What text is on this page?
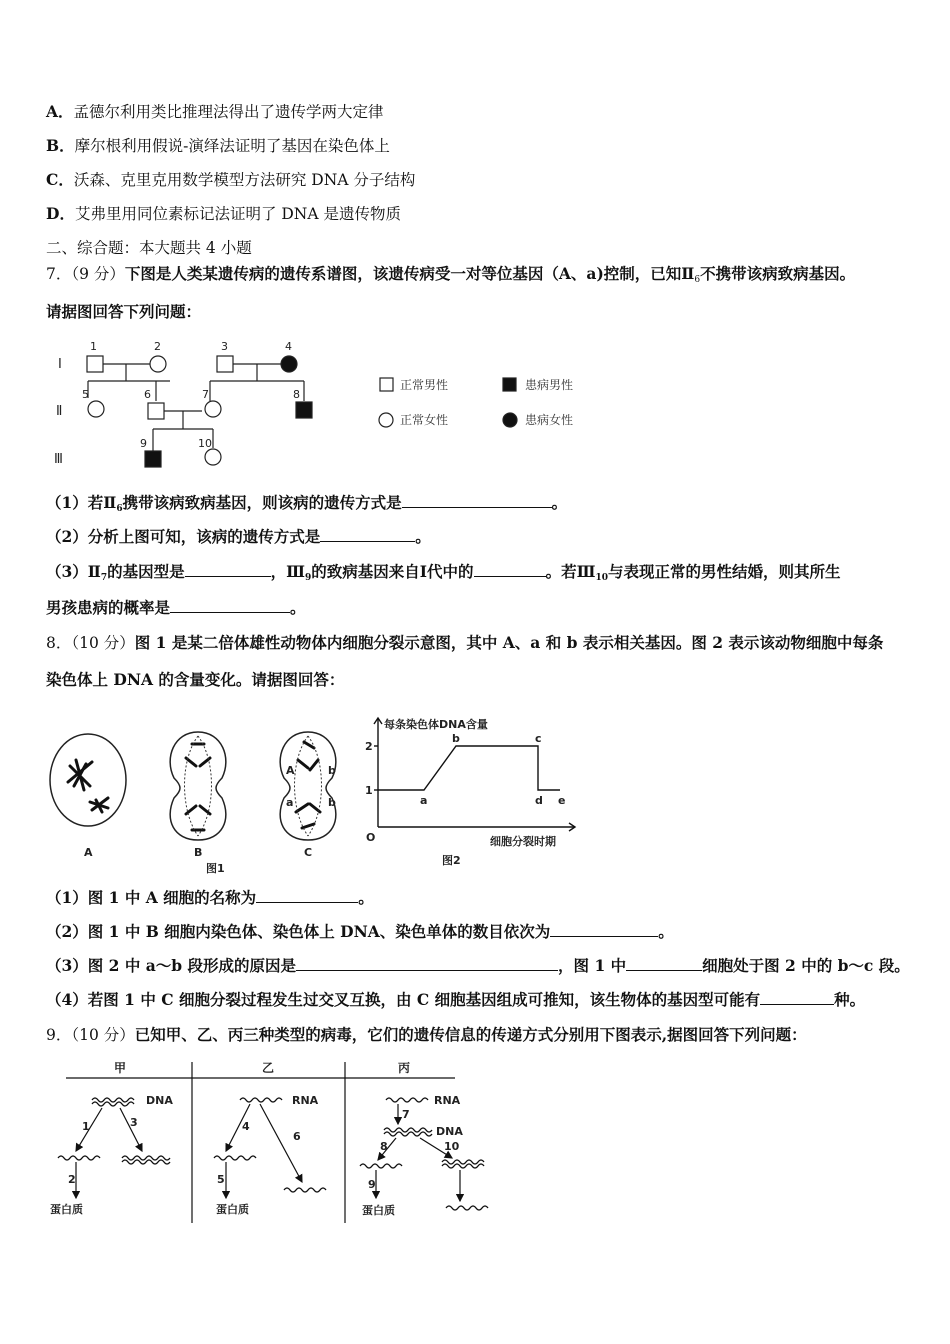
A．孟德尔利用类比推理法得出了遗传学两大定律
B．摩尔根利用假说-演绎法证明了基因在染色体上
C．沃森、克里克用数学模型方法研究 DNA 分子结构
D．艾弗里用同位素标记法证明了 DNA 是遗传物质
二、综合题：本大题共 4 小题
7．（9 分）下图是人类某遗传病的遗传系谱图，该遗传病受一对等位基因（A、a)控制，已知$Ⅱ_6$不携带该病致病基因。
请据图回答下列问题：
Ⅰ
Ⅱ
Ⅲ
1	2	3	4
5	6	7	8
9	10
正常男性	患病男性
正常女性	患病女性
（1）若$Ⅱ_6$携带该病致病基因，则该病的遗传方式是	。
（2）分析上图可知，该病的遗传方式是	。
$(3)Ⅱ_7$的基因型是	，$Ⅲ_9$的致病基因来自Ⅰ代中的	。若$Ⅲ_{10}$与表现正常的男性结婚，则其所生
男孩患病的概率是	。
8．（10 分）图 1 是某二倍体雄性动物体内细胞分裂示意图，其中 A、a 和 b 表示相关基因。图 2 表示该动物细胞中每条
染色体上 DNA 的含量变化。请据图回答：
A	b
a	b
A	B	C
图1
每条染色体DNA含量
细胞分裂时期
O
2
1
a
b	c
d e
图2
（1）图 1 中 A 细胞的名称为	。
（2）图 1 中 B 细胞内染色体、染色体上 DNA、染色单体的数目依次为	。
（3）图 2 中 a～b 段形成的原因是	，图 1 中	细胞处于图 2 中的 b～c 段。
（4）若图 1 中 C 细胞分裂过程发生过交叉互换，由 C 细胞基因组成可推知，该生物体的基因型可能有	种。
9．（10 分）已知甲、乙、丙三种类型的病毒，它们的遗传信息的传递方式分别用下图表示,据图回答下列问题：
甲	乙	丙
DNA
蛋白质
RNA
蛋白质
RNA
DNA
蛋白质
1
2
3	4
5
6
7
8
9
10
